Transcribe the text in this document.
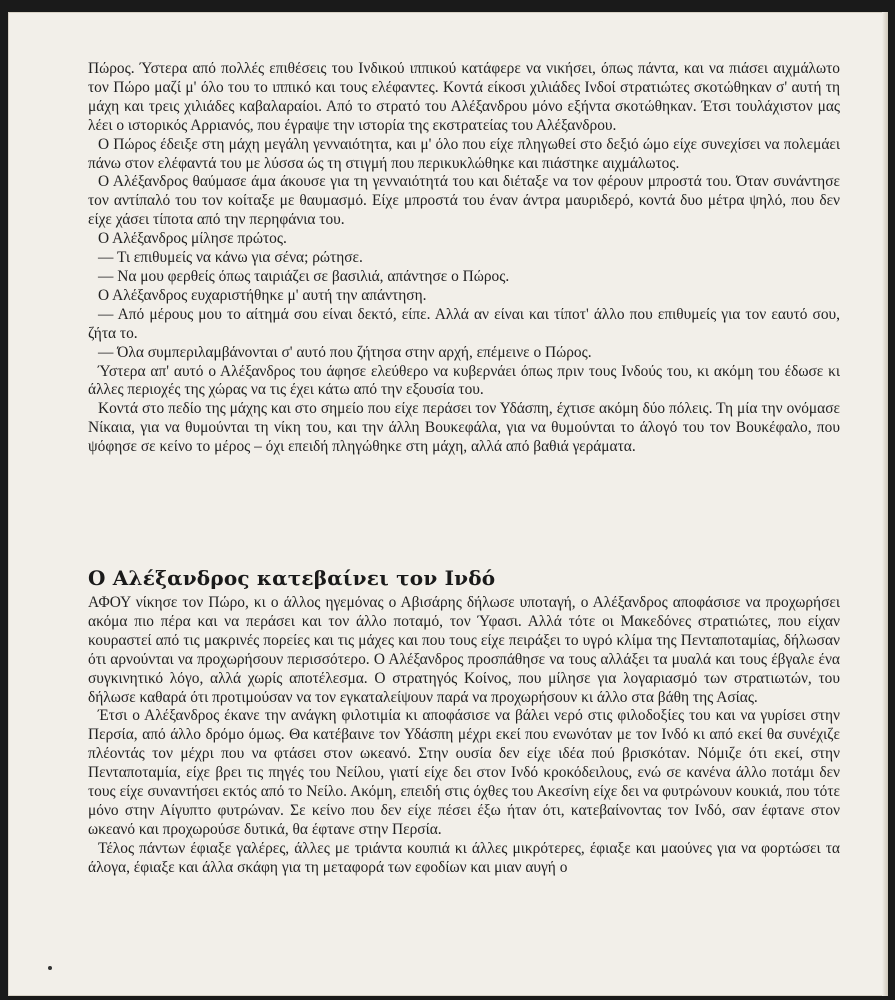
Πώρος. Ύστερα από πολλές επιθέσεις του Ινδικού ιππικού κατάφερε να νικήσει, όπως πάντα, και να πιάσει αιχμάλωτο τον Πώρο μαζί μ' όλο του το ιππικό και τους ελέφαντες. Κοντά είκοσι χιλιάδες Ινδοί στρατιώτες σκοτώθηκαν σ' αυτή τη μάχη και τρεις χιλιάδες καβαλαραίοι. Από το στρατό του Αλέξανδρου μόνο εξήντα σκοτώθηκαν. Έτσι τουλάχιστον μας λέει ο ιστορικός Αρριανός, που έγραψε την ιστορία της εκστρατείας του Αλέξανδρου.

Ο Πώρος έδειξε στη μάχη μεγάλη γενναιότητα, και μ' όλο που είχε πληγωθεί στο δεξιό ώμο είχε συνεχίσει να πολεμάει πάνω στον ελέφαντά του με λύσσα ώς τη στιγμή που περικυκλώθηκε και πιάστηκε αιχμάλωτος.

Ο Αλέξανδρος θαύμασε άμα άκουσε για τη γενναιότητά του και διέταξε να τον φέρουν μπροστά του. Όταν συνάντησε τον αντίπαλό του τον κοίταξε με θαυμασμό. Είχε μπροστά του έναν άντρα μαυριδερό, κοντά δυο μέτρα ψηλό, που δεν είχε χάσει τίποτα από την περηφάνια του.

Ο Αλέξανδρος μίλησε πρώτος.

— Τι επιθυμείς να κάνω για σένα; ρώτησε.

— Να μου φερθείς όπως ταιριάζει σε βασιλιά, απάντησε ο Πώρος.

Ο Αλέξανδρος ευχαριστήθηκε μ' αυτή την απάντηση.

— Από μέρους μου το αίτημά σου είναι δεκτό, είπε. Αλλά αν είναι και τίποτ' άλλο που επιθυμείς για τον εαυτό σου, ζήτα το.

— Όλα συμπεριλαμβάνονται σ' αυτό που ζήτησα στην αρχή, επέμεινε ο Πώρος.

Ύστερα απ' αυτό ο Αλέξανδρος του άφησε ελεύθερο να κυβερνάει όπως πριν τους Ινδούς του, κι ακόμη του έδωσε κι άλλες περιοχές της χώρας να τις έχει κάτω από την εξουσία του.

Κοντά στο πεδίο της μάχης και στο σημείο που είχε περάσει τον Υδάσπη, έχτισε ακόμη δύο πόλεις. Τη μία την ονόμασε Νίκαια, για να θυμούνται τη νίκη του, και την άλλη Βουκεφάλα, για να θυμούνται το άλογό του τον Βουκέφαλο, που ψόφησε σε κείνο το μέρος – όχι επειδή πληγώθηκε στη μάχη, αλλά από βαθιά γεράματα.

Ο Αλέξανδρος κατεβαίνει τον Ινδό

ΑΦΟΥ νίκησε τον Πώρο, κι ο άλλος ηγεμόνας ο Αβισάρης δήλωσε υποταγή, ο Αλέξανδρος αποφάσισε να προχωρήσει ακόμα πιο πέρα και να περάσει και τον άλλο ποταμό, τον Ύφασι. Αλλά τότε οι Μακεδόνες στρατιώτες, που είχαν κουραστεί από τις μακρινές πορείες και τις μάχες και που τους είχε πειράξει το υγρό κλίμα της Πενταποταμίας, δήλωσαν ότι αρνούνται να προχωρήσουν περισσότερο. Ο Αλέξανδρος προσπάθησε να τους αλλάξει τα μυαλά και τους έβγαλε ένα συγκινητικό λόγο, αλλά χωρίς αποτέλεσμα. Ο στρατηγός Κοίνος, που μίλησε για λογαριασμό των στρατιωτών, του δήλωσε καθαρά ότι προτιμούσαν να τον εγκαταλείψουν παρά να προχωρήσουν κι άλλο στα βάθη της Ασίας.

Έτσι ο Αλέξανδρος έκανε την ανάγκη φιλοτιμία κι αποφάσισε να βάλει νερό στις φιλοδοξίες του και να γυρίσει στην Περσία, από άλλο δρόμο όμως. Θα κατέβαινε τον Υδάσπη μέχρι εκεί που ενωνόταν με τον Ινδό κι από εκεί θα συνέχιζε πλέοντάς τον μέχρι που να φτάσει στον ωκεανό. Στην ουσία δεν είχε ιδέα πού βρισκόταν. Νόμιζε ότι εκεί, στην Πενταποταμία, είχε βρει τις πηγές του Νείλου, γιατί είχε δει στον Ινδό κροκόδειλους, ενώ σε κανένα άλλο ποτάμι δεν τους είχε συναντήσει εκτός από το Νείλο. Ακόμη, επειδή στις όχθες του Ακεσίνη είχε δει να φυτρώνουν κουκιά, που τότε μόνο στην Αίγυπτο φυτρώναν. Σε κείνο που δεν είχε πέσει έξω ήταν ότι, κατεβαίνοντας τον Ινδό, σαν έφτανε στον ωκεανό και προχωρούσε δυτικά, θα έφτανε στην Περσία.

Τέλος πάντων έφιαξε γαλέρες, άλλες με τριάντα κουπιά κι άλλες μικρότερες, έφιαξε και μαούνες για να φορτώσει τα άλογα, έφιαξε και άλλα σκάφη για τη μεταφορά των εφοδίων και μιαν αυγή ο
